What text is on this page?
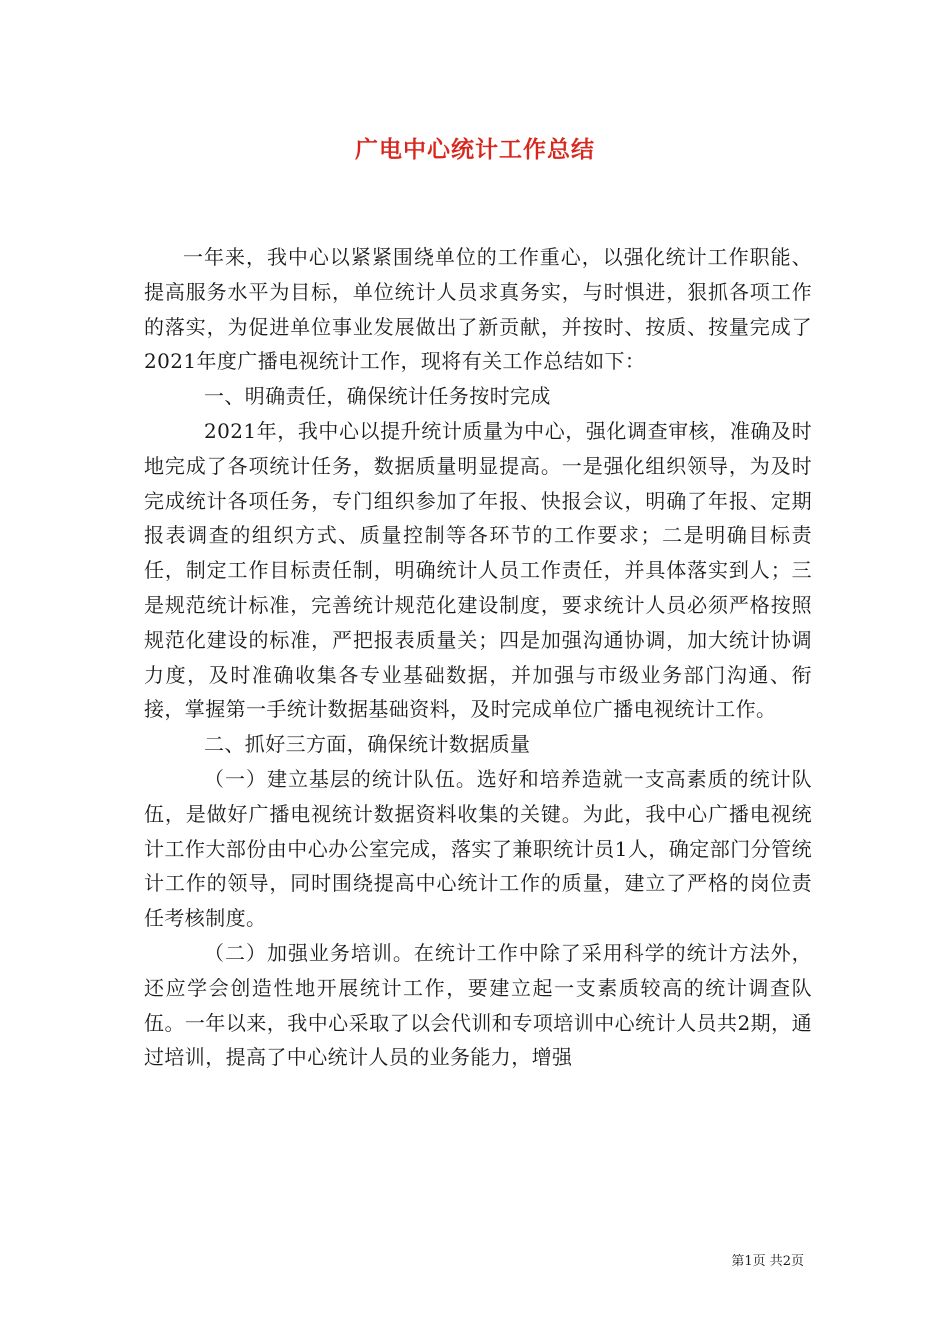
广电中心统计工作总结

一年来，我中心以紧紧围绕单位的工作重心，以强化统计工作职能、提高服务水平为目标，单位统计人员求真务实，与时惧进，狠抓各项工作的落实，为促进单位事业发展做出了新贡献，并按时、按质、按量完成了2021年度广播电视统计工作，现将有关工作总结如下：

一、明确责任，确保统计任务按时完成

2021年，我中心以提升统计质量为中心，强化调查审核，准确及时地完成了各项统计任务，数据质量明显提高。一是强化组织领导，为及时完成统计各项任务，专门组织参加了年报、快报会议，明确了年报、定期报表调查的组织方式、质量控制等各环节的工作要求；二是明确目标责任，制定工作目标责任制，明确统计人员工作责任，并具体落实到人；三是规范统计标准，完善统计规范化建设制度，要求统计人员必须严格按照规范化建设的标准，严把报表质量关；四是加强沟通协调，加大统计协调力度，及时准确收集各专业基础数据，并加强与市级业务部门沟通、衔接，掌握第一手统计数据基础资料，及时完成单位广播电视统计工作。

二、抓好三方面，确保统计数据质量

（一）建立基层的统计队伍。选好和培养造就一支高素质的统计队伍，是做好广播电视统计数据资料收集的关键。为此，我中心广播电视统计工作大部份由中心办公室完成，落实了兼职统计员1人，确定部门分管统计工作的领导，同时围绕提高中心统计工作的质量，建立了严格的岗位责任考核制度。

（二）加强业务培训。在统计工作中除了采用科学的统计方法外，还应学会创造性地开展统计工作，要建立起一支素质较高的统计调查队伍。一年以来，我中心采取了以会代训和专项培训中心统计人员共2期，通过培训，提高了中心统计人员的业务能力，增强

第1页 共2页
